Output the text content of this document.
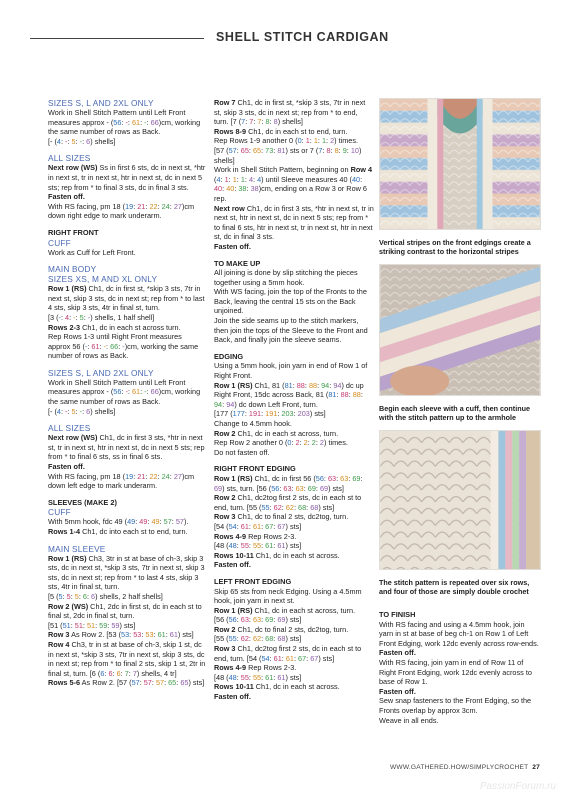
SHELL STITCH CARDIGAN

SIZES S, L AND 2XL ONLY

Work in Shell Stitch Pattern until Left Front measures approx - (56: -: 61: -: 66)cm, working the same number of rows as Back.

[- (4: -: 5: -: 6) shells]

ALL SIZES

Next row (WS) Ss in first 6 sts, dc in next st, *htr in next st, tr in next st, htr in next st, dc in next 5 sts; rep from * to final 3 sts, dc in final 3 sts.

Fasten off.

With RS facing, pm 18 (19: 21: 22: 24: 27)cm down right edge to mark underarm.

RIGHT FRONT

CUFF

Work as Cuff for Left Front.

MAIN BODY

SIZES XS, M AND XL ONLY

Row 1 (RS) Ch1, dc in first st, *skip 3 sts, 7tr in next st, skip 3 sts, dc in next st; rep from * to last 4 sts, skip 3 sts, 4tr in final st, turn.

[3 (-: 4: -: 5: -) shells, 1 half shell]

Rows 2-3 Ch1, dc in each st across turn.

Rep Rows 1-3 until Right Front measures approx 56 (-: 61: -: 66: -)cm, working the same number of rows as Back.

SIZES S, L AND 2XL ONLY

Work in Shell Stitch Pattern until Left Front measures approx - (56: -: 61: -: 66)cm, working the same number of rows as Back.

[- (4: -: 5: -: 6) shells]

ALL SIZES

Next row (WS) Ch1, dc in first 3 sts, *htr in next st, tr in next st, htr in next st, dc in next 5 sts; rep from * to final 6 sts, ss in final 6 sts.

Fasten off.

With RS facing, pm 18 (19: 21: 22: 24: 27)cm down left edge to mark underarm.

SLEEVES (MAKE 2)

CUFF

With 5mm hook, fdc 49 (49: 49: 49: 57: 57).

Rows 1-4 Ch1, dc into each st to end, turn.

MAIN SLEEVE

Row 1 (RS) Ch3, 3tr in st at base of ch-3, skip 3 sts, dc in next st, *skip 3 sts, 7tr in next st, skip 3 sts, dc in next st; rep from * to last 4 sts, skip 3 sts, 4tr in final st, turn.

[5 (5: 5: 5: 6: 6) shells, 2 half shells]

Row 2 (WS) Ch1, 2dc in first st, dc in each st to final st, 2dc in final st, turn.

[51 (51: 51: 51: 59: 59) sts]

Row 3 As Row 2. [53 (53: 53: 53: 61: 61) sts]

Row 4 Ch3, tr in st at base of ch-3, skip 1 st, dc in next st, *skip 3 sts, 7tr in next st, skip 3 sts, dc in next st; rep from * to final 2 sts, skip 1 st, 2tr in final st, turn. [6 (6: 6: 6: 7: 7) shells, 4 tr]

Rows 5-6 As Row 2. [57 (57: 57: 57: 65: 65) sts]

Row 7 Ch1, dc in first st, *skip 3 sts, 7tr in next st, skip 3 sts, dc in next st; rep from * to end, turn. [7 (7: 7: 7: 8: 8) shells]

Rows 8-9 Ch1, dc in each st to end, turn.

Rep Rows 1-9 another 0 (0: 1: 1: 1: 2) times.

[57 (57: 65: 65: 73: 81) sts or 7 (7: 8: 8: 9: 10) shells]

Work in Shell Stitch Pattern, beginning on Row 4 (4: 1: 1: 1: 4: 4) until Sleeve measures 40 (40: 40: 40: 38: 38)cm, ending on a Row 3 or Row 6 rep.

Next row Ch1, dc in first 3 sts, *htr in next st, tr in next st, htr in next st, dc in next 5 sts; rep from * to final 6 sts, htr in next st, tr in next st, htr in next st, dc in final 3 sts.

Fasten off.

TO MAKE UP

All joining is done by slip stitching the pieces together using a 5mm hook.

With WS facing, join the top of the Fronts to the Back, leaving the central 15 sts on the Back unjoined.

Join the side seams up to the stitch markers, then join the tops of the Sleeve to the Front and Back, and finally join the sleeve seams.

EDGING

Using a 5mm hook, join yarn in end of Row 1 of Right Front.

Row 1 (RS) Ch1, 81 (81: 88: 88: 94: 94) dc up Right Front, 15dc across Back, 81 (81: 88: 88: 94: 94) dc down Left Front, turn.

[177 (177: 191: 191: 203: 203) sts]

Change to 4.5mm hook.

Row 2 Ch1, dc in each st across, turn.

Rep Row 2 another 0 (0: 2: 2: 2: 2) times.

Do not fasten off.

RIGHT FRONT EDGING

Row 1 (RS) Ch1, dc in first 56 (56: 63: 63: 69: 69) sts, turn. [56 (56: 63: 63: 69: 69) sts]

Row 2 Ch1, dc2tog first 2 sts, dc in each st to end, turn. [55 (55: 62: 62: 68: 68) sts]

Row 3 Ch1, dc to final 2 sts, dc2tog, turn.

[54 (54: 61: 61: 67: 67) sts]

Rows 4-9 Rep Rows 2-3.

[48 (48: 55: 55: 61: 61) sts]

Rows 10-11 Ch1, dc in each st across.

Fasten off.

LEFT FRONT EDGING

Skip 65 sts from neck Edging. Using a 4.5mm hook, join yarn in next st.

Row 1 (RS) Ch1, dc in each st across, turn.

[56 (56: 63: 63: 69: 69) sts]

Row 2 Ch1, dc to final 2 sts, dc2tog, turn.

[55 (55: 62: 62: 68: 68) sts]

Row 3 Ch1, dc2tog first 2 sts, dc in each st to end, turn. [54 (54: 61: 61: 67: 67) sts]

Rows 4-9 Rep Rows 2-3.

[48 (48: 55: 55: 61: 61) sts]

Rows 10-11 Ch1, dc in each st across.

Fasten off.

Vertical stripes on the front edgings create a striking contrast to the horizontal stripes
Begin each sleeve with a cuff, then continue with the stitch pattern up to the armhole
The stitch pattern is repeated over six rows, and four of those are simply double crochet

TO FINISH

With RS facing and using a 4.5mm hook, join yarn in st at base of beg ch-1 on Row 1 of Left Front Edging, work 12dc evenly across row-ends.

Fasten off.

With RS facing, join yarn in end of Row 11 of Right Front Edging, work 12dc evenly across to base of Row 1.

Fasten off.

Sew snap fasteners to the Front Edging, so the Fronts overlap by approx 3cm.

Weave in all ends.

WWW.GATHERED.HOW/SIMPLYCROCHET 27
PassionForum.ru
